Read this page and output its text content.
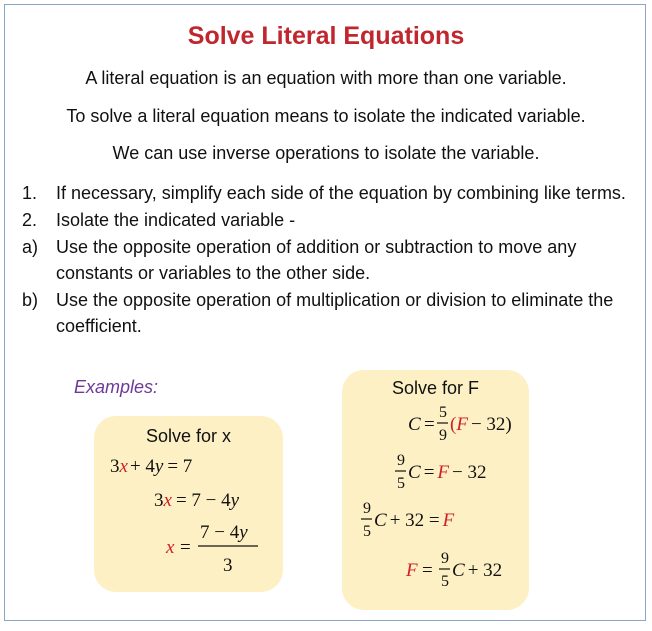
Solve Literal Equations
A literal equation is an equation with more than one variable.
To solve a literal equation means to isolate the indicated variable.
We can use inverse operations to isolate the variable.
1.	If necessary, simplify each side of the equation by combining like terms.
2.	Isolate the indicated variable -
a) Use the opposite operation of addition or subtraction to move any constants or variables to the other side.
b) Use the opposite operation of multiplication or division to eliminate the coefficient.
Examples:
Solve for x
3x + 4y = 7
3x = 7 − 4y
x =
7 − 4y
3
Solve for F
C =
5
9
(F − 32)
9
5
C = F − 32
9
5
C + 32 = F
F =
9
5
C + 32
